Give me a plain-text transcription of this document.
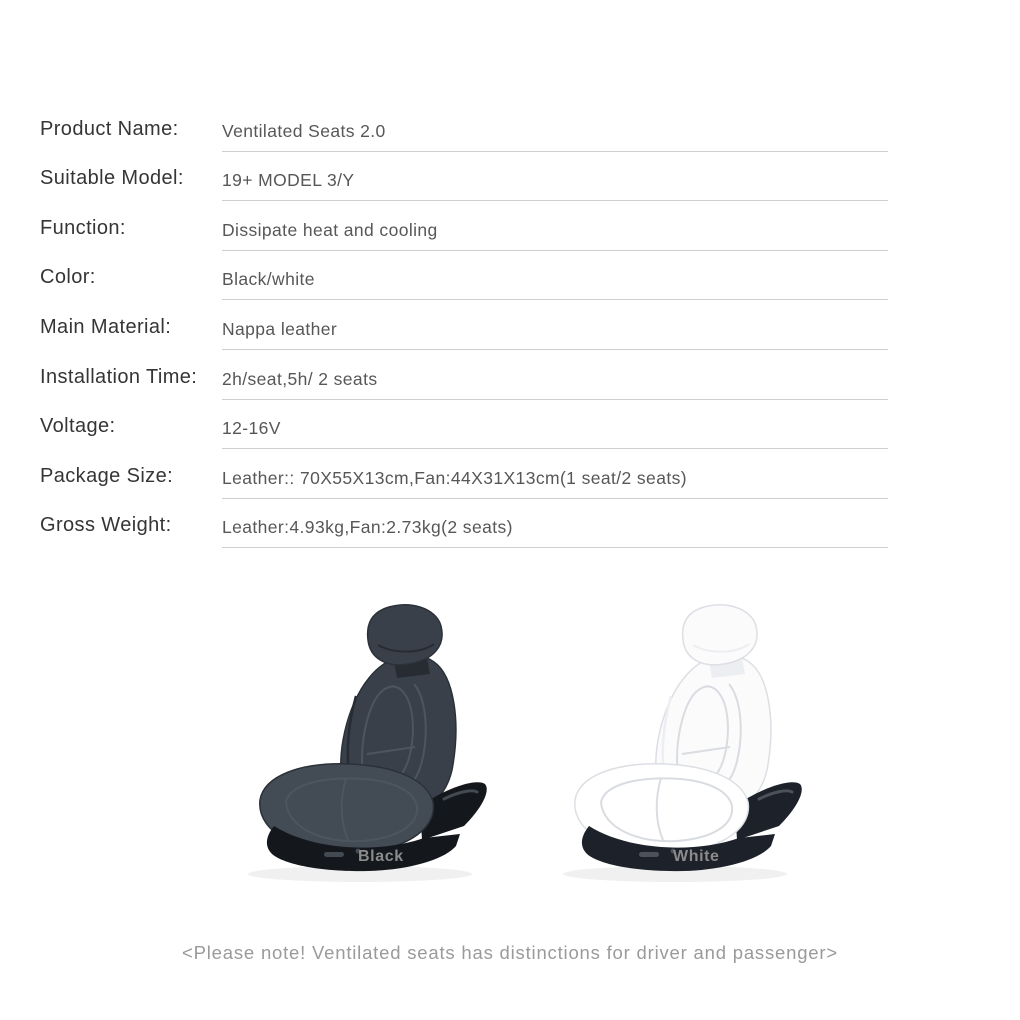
Product Name:	Ventilated Seats 2.0
Suitable Model:	19+ MODEL 3/Y
Function:	Dissipate heat and cooling
Color:	Black/white
Main Material:	Nappa leather
Installation Time:	2h/seat,5h/ 2 seats
Voltage:	12-16V
Package Size:	Leather:: 70X55X13cm,Fan:44X31X13cm(1 seat/2 seats)
Gross Weight:	Leather:4.93kg,Fan:2.73kg(2 seats)
Black	White
<Please note! Ventilated seats has distinctions for driver and passenger>
